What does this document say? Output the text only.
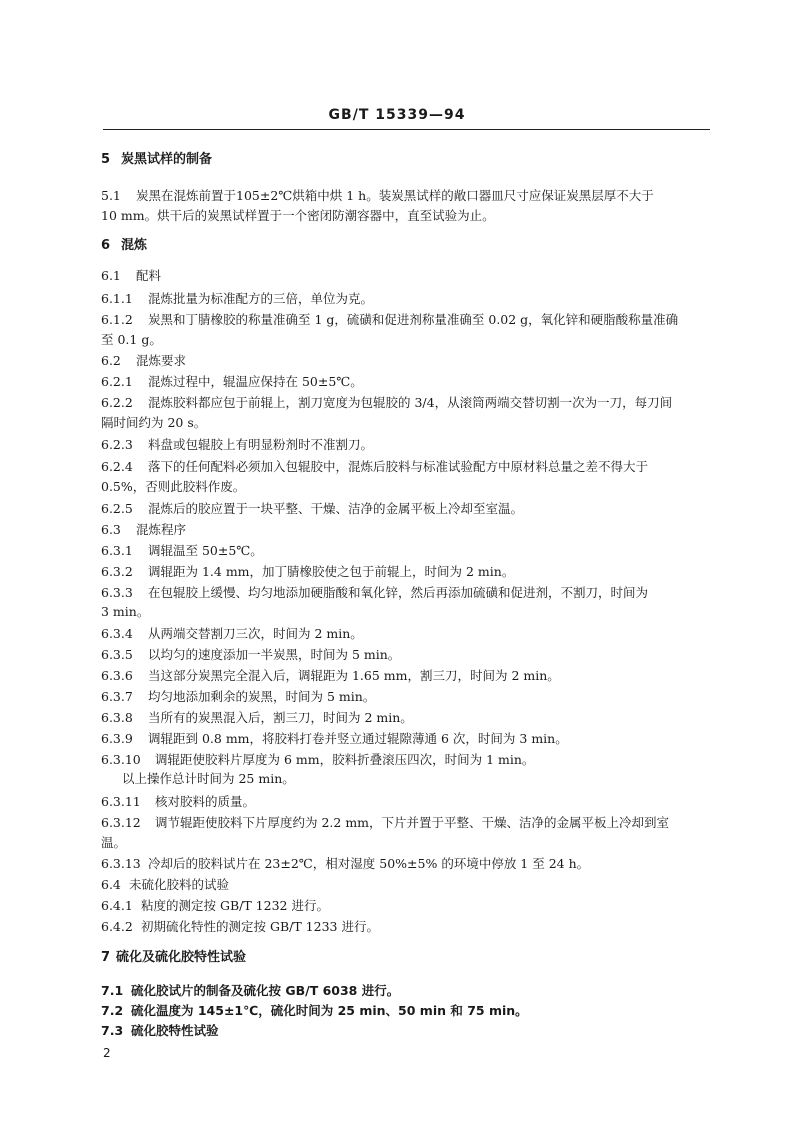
GB/T 15339—94
5 炭黑试样的制备
5.1 炭黑在混炼前置于105±2℃烘箱中烘 1 h。装炭黑试样的敞口器皿尺寸应保证炭黑层厚不大于
10 mm。烘干后的炭黑试样置于一个密闭防潮容器中，直至试验为止。
6 混炼
6.1 配料
6.1.1 混炼批量为标准配方的三倍，单位为克。
6.1.2 炭黑和丁腈橡胶的称量准确至 1 g，硫磺和促进剂称量准确至 0.02 g，氧化锌和硬脂酸称量准确
至 0.1 g。
6.2 混炼要求
6.2.1 混炼过程中，辊温应保持在 50±5℃。
6.2.2 混炼胶料都应包于前辊上，割刀宽度为包辊胶的 3/4，从滚筒两端交替切割一次为一刀，每刀间
隔时间约为 20 s。
6.2.3 料盘或包辊胶上有明显粉剂时不准割刀。
6.2.4 落下的任何配料必须加入包辊胶中，混炼后胶料与标准试验配方中原材料总量之差不得大于
0.5%，否则此胶料作废。
6.2.5 混炼后的胶应置于一块平整、干燥、洁净的金属平板上冷却至室温。
6.3 混炼程序
6.3.1 调辊温至 50±5℃。
6.3.2 调辊距为 1.4 mm，加丁腈橡胶使之包于前辊上，时间为 2 min。
6.3.3 在包辊胶上缓慢、均匀地添加硬脂酸和氧化锌，然后再添加硫磺和促进剂，不割刀，时间为
3 min。
6.3.4 从两端交替割刀三次，时间为 2 min。
6.3.5 以均匀的速度添加一半炭黑，时间为 5 min。
6.3.6 当这部分炭黑完全混入后，调辊距为 1.65 mm，割三刀，时间为 2 min。
6.3.7 均匀地添加剩余的炭黑，时间为 5 min。
6.3.8 当所有的炭黑混入后，割三刀，时间为 2 min。
6.3.9 调辊距到 0.8 mm，将胶料打卷并竖立通过辊隙薄通 6 次，时间为 3 min。
6.3.10 调辊距使胶料片厚度为 6 mm，胶料折叠滚压四次，时间为 1 min。
以上操作总计时间为 25 min。
6.3.11 核对胶料的质量。
6.3.12 调节辊距使胶料下片厚度约为 2.2 mm，下片并置于平整、干燥、洁净的金属平板上冷却到室
温。
6.3.13 冷却后的胶料试片在 23±2℃，相对湿度 50%±5% 的环境中停放 1 至 24 h。
6.4 未硫化胶料的试验
6.4.1 粘度的测定按 GB/T 1232 进行。
6.4.2 初期硫化特性的测定按 GB/T 1233 进行。
7 硫化及硫化胶特性试验
7.1 硫化胶试片的制备及硫化按 GB/T 6038 进行。
7.2 硫化温度为 145±1℃，硫化时间为 25 min、50 min 和 75 min。
7.3 硫化胶特性试验
2
